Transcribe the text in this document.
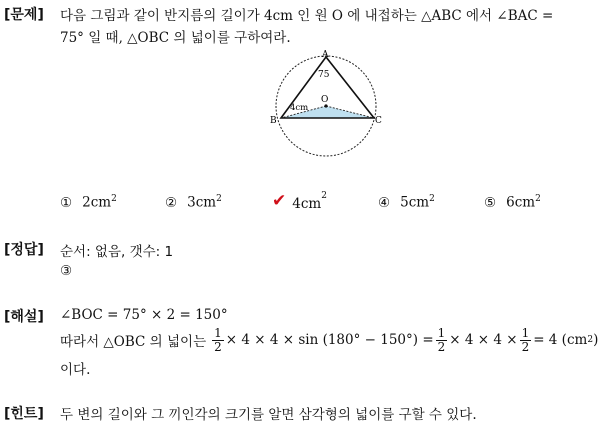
[문제] 다음 그림과 같이 반지름의 길이가 4cm 인 원 O 에 내접하는 △ABC 에서 ∠BAC =
75° 일 때, △OBC 의 넓이를 구하여라.
A
B	C
O
75
4cm
① $2cm^2$	② $3cm^2$	✔ $4cm^2$	④ $5cm^2$	⑤ $6cm^2$
[정답] 순서: 없음, 갯수: 1
③
[해설] ∠BOC = 75° × 2 = 150°
따라서 △OBC 의 넓이는 $\frac{1}{2} \times 4 \times 4 \times \sin (180^\circ - 150^\circ) = \frac{1}{2} \times 4 \times 4 \times \frac{1}{2} = 4$ (cm 2 )
이다.
[힌트] 두 변의 길이와 그 끼인각의 크기를 알면 삼각형의 넓이를 구할 수 있다.
